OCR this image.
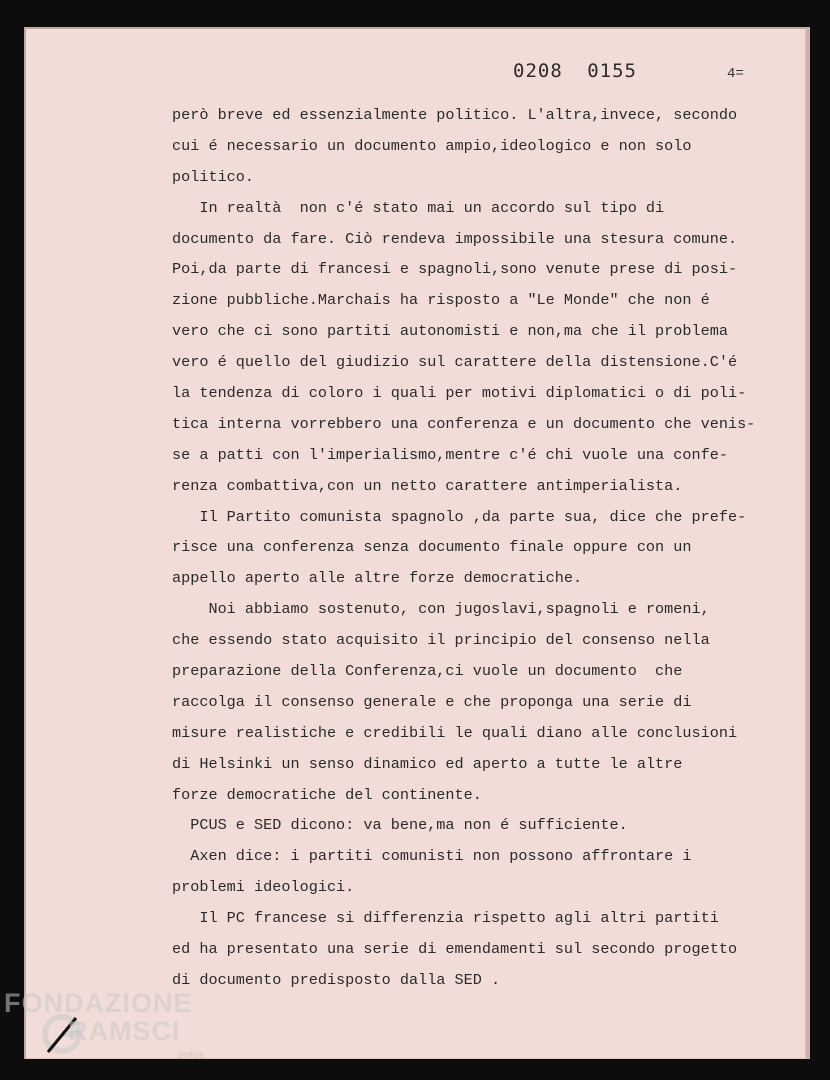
0208 0155	4=
però breve ed essenzialmente politico. L'altra,invece, secondo
cui é necessario un documento ampio,ideologico e non solo
politico.
In realtà  non c'é stato mai un accordo sul tipo di
documento da fare. Ciò rendeva impossibile una stesura comune.
Poi,da parte di francesi e spagnoli,sono venute prese di posi-
zione pubbliche.Marchais ha risposto a "Le Monde" che non é
vero che ci sono partiti autonomisti e non,ma che il problema
vero é quello del giudizio sul carattere della distensione.C'é
la tendenza di coloro i quali per motivi diplomatici o di poli-
tica interna vorrebbero una conferenza e un documento che venis-
se a patti con l'imperialismo,mentre c'é chi vuole una confe-
renza combattiva,con un netto carattere antimperialista.
Il Partito comunista spagnolo ,da parte sua, dice che prefe-
risce una conferenza senza documento finale oppure con un
appello aperto alle altre forze democratiche.
Noi abbiamo sostenuto, con jugoslavi,spagnoli e romeni,
che essendo stato acquisito il principio del consenso nella
preparazione della Conferenza,ci vuole un documento  che
raccolga il consenso generale e che proponga una serie di
misure realistiche e credibili le quali diano alle conclusioni
di Helsinki un senso dinamico ed aperto a tutte le altre
forze democratiche del continente.
PCUS e SED dicono: va bene,ma non é sufficiente.
Axen dice: i partiti comunisti non possono affrontare i
problemi ideologici.
Il PC francese si differenzia rispetto agli altri partiti
ed ha presentato una serie di emendamenti sul secondo progetto
di documento predisposto dalla SED .
FONDAZIONE
RAMSCI
onlus
